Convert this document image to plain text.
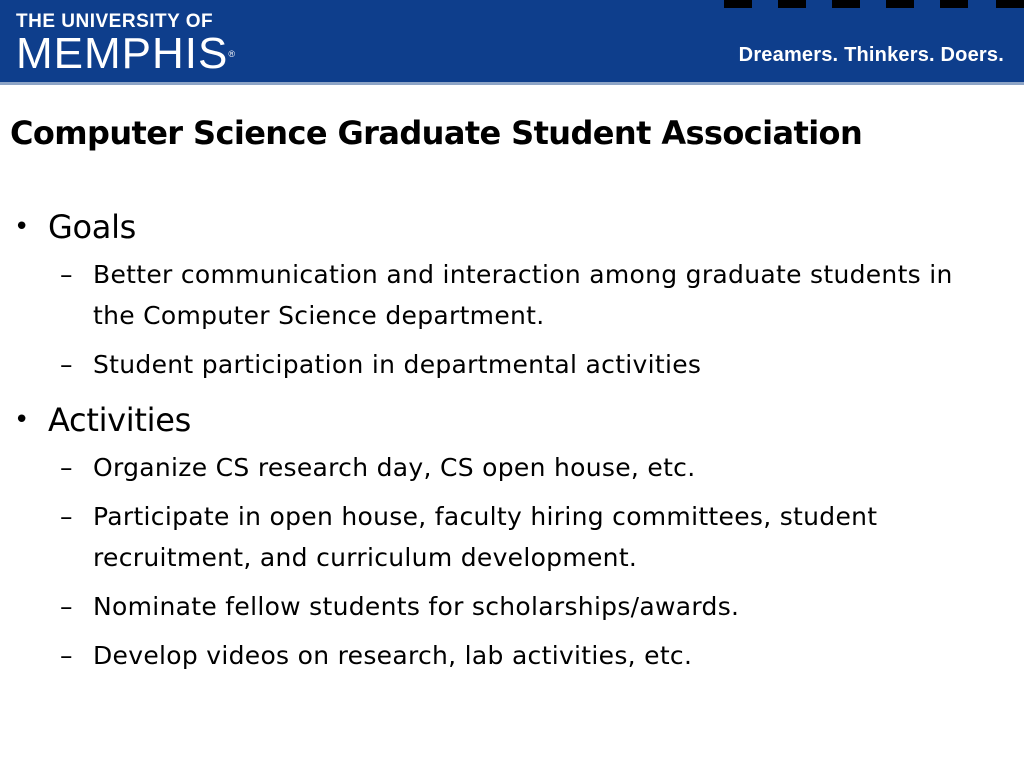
THE UNIVERSITY OF
MEMPHIS®	Dreamers. Thinkers. Doers.
Computer Science Graduate Student Association
• Goals
– Better communication and interaction among graduate students in the Computer Science department.
– Student participation in departmental activities
• Activities
– Organize CS research day, CS open house, etc.
– Participate in open house, faculty hiring committees, student recruitment, and curriculum development.
– Nominate fellow students for scholarships/awards.
– Develop videos on research, lab activities, etc.
